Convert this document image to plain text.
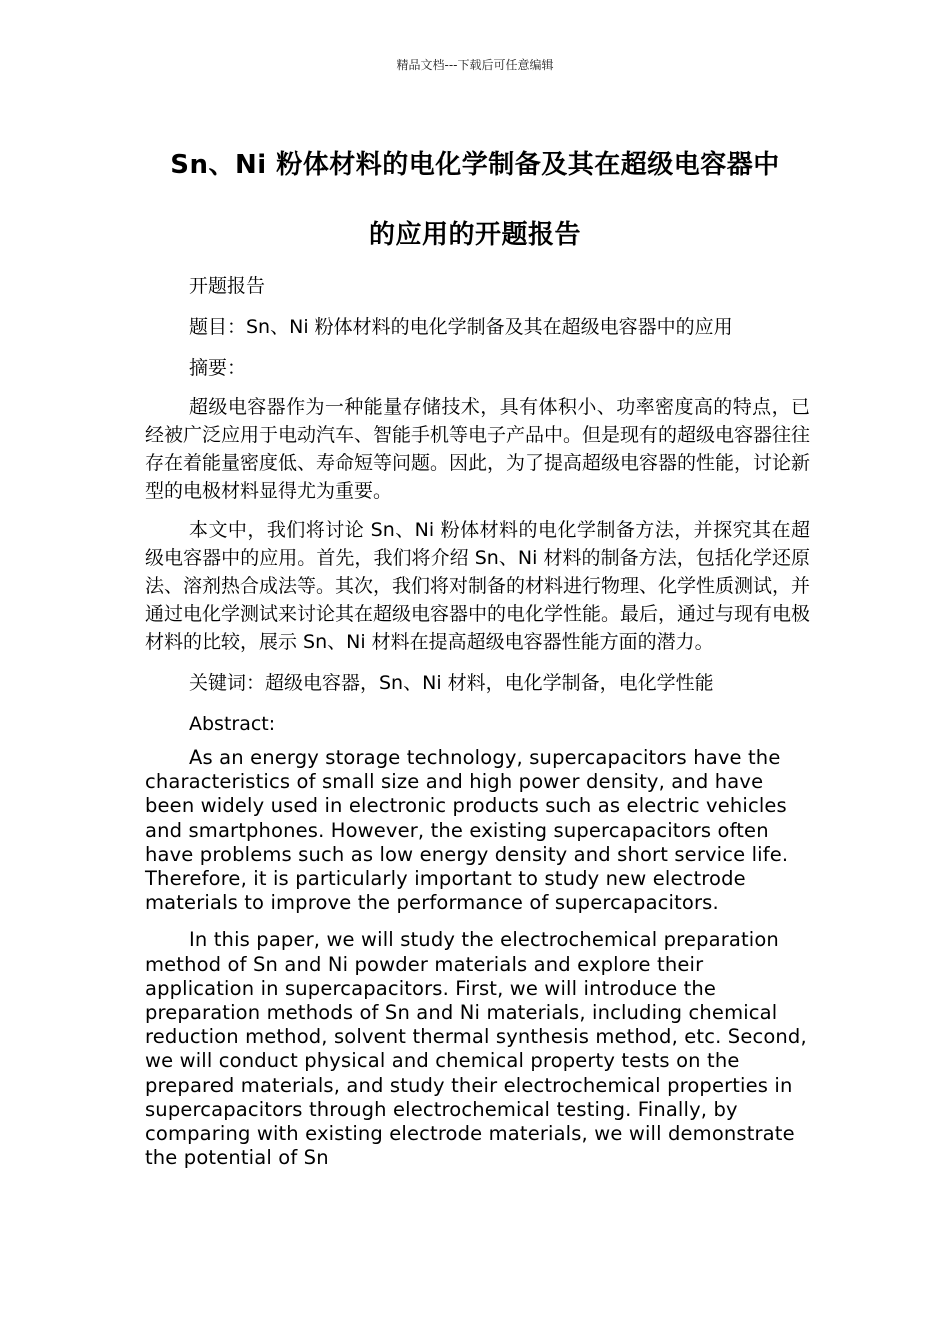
精品文档---下载后可任意编辑
Sn、Ni 粉体材料的电化学制备及其在超级电容器中
的应用的开题报告

开题报告

题目：Sn、Ni 粉体材料的电化学制备及其在超级电容器中的应用

摘要：

超级电容器作为一种能量存储技术，具有体积小、功率密度高的特点，已经被广泛应用于电动汽车、智能手机等电子产品中。但是现有的超级电容器往往存在着能量密度低、寿命短等问题。因此，为了提高超级电容器的性能，讨论新型的电极材料显得尤为重要。

本文中，我们将讨论 Sn、Ni 粉体材料的电化学制备方法，并探究其在超级电容器中的应用。首先，我们将介绍 Sn、Ni 材料的制备方法，包括化学还原法、溶剂热合成法等。其次，我们将对制备的材料进行物理、化学性质测试，并通过电化学测试来讨论其在超级电容器中的电化学性能。最后，通过与现有电极材料的比较，展示 Sn、Ni 材料在提高超级电容器性能方面的潜力。

关键词：超级电容器，Sn、Ni 材料，电化学制备，电化学性能

Abstract:

As an energy storage technology, supercapacitors have the characteristics of small size and high power density, and have been widely used in electronic products such as electric vehicles and smartphones. However, the existing supercapacitors often have problems such as low energy density and short service life. Therefore, it is particularly important to study new electrode materials to improve the performance of supercapacitors.

In this paper, we will study the electrochemical preparation method of Sn and Ni powder materials and explore their application in supercapacitors. First, we will introduce the preparation methods of Sn and Ni materials, including chemical reduction method, solvent thermal synthesis method, etc. Second, we will conduct physical and chemical property tests on the prepared materials, and study their electrochemical properties in supercapacitors through electrochemical testing. Finally, by comparing with existing electrode materials, we will demonstrate the potential of Sn
